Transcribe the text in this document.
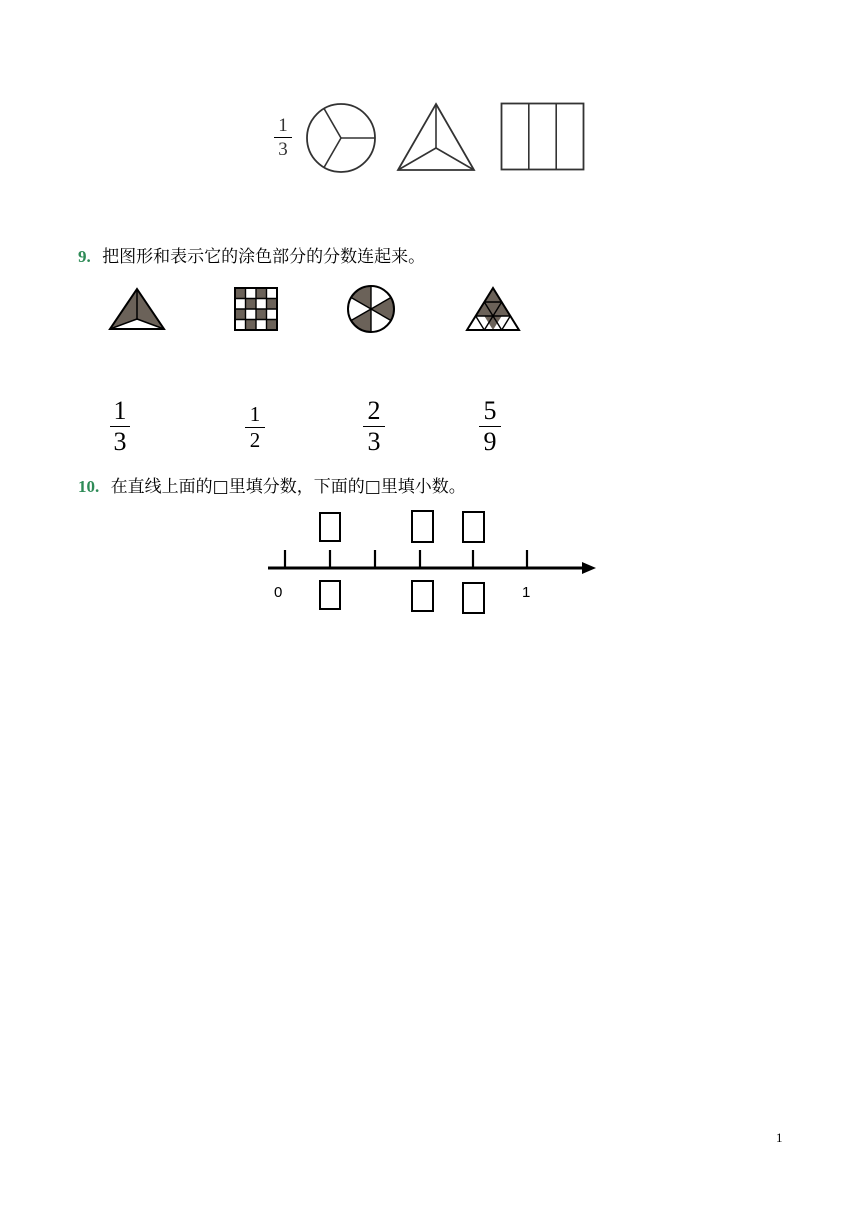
1
3
9. 把图形和表示它的涂色部分的分数连起来。
1
3
1
2
2
3
5
9
10. 在直线上面的□里填分数，下面的□里填小数。
0	1
1
